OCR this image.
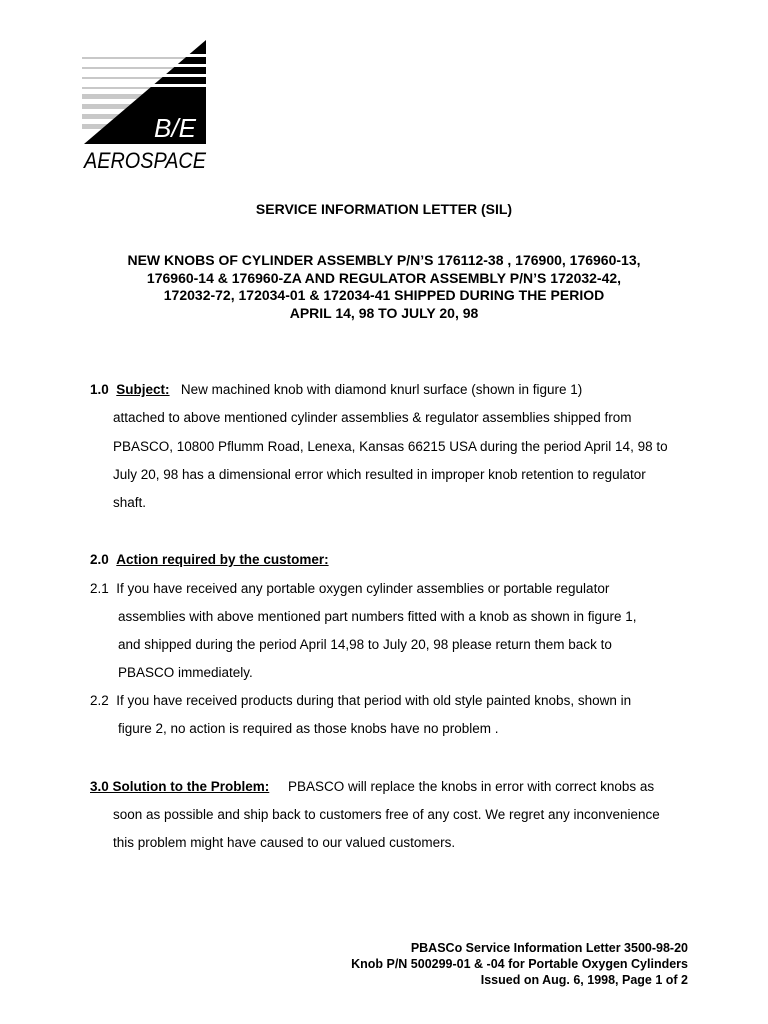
B/E
AEROSPACE
SERVICE INFORMATION LETTER (SIL)
NEW KNOBS OF CYLINDER ASSEMBLY P/N’S 176112-38 , 176900, 176960-13,
176960-14 & 176960-ZA AND REGULATOR ASSEMBLY P/N’S 172032-42,
172032-72, 172034-01 & 172034-41 SHIPPED DURING THE PERIOD
APRIL 14, 98 TO JULY 20, 98
1.0 Subject: New machined knob with diamond knurl surface (shown in figure 1)
attached to above mentioned cylinder assemblies & regulator assemblies shipped from
PBASCO, 10800 Pflumm Road, Lenexa, Kansas 66215 USA during the period April 14, 98 to
July 20, 98 has a dimensional error which resulted in improper knob retention to regulator
shaft.
2.0 Action required by the customer:
2.1 If you have received any portable oxygen cylinder assemblies or portable regulator
assemblies with above mentioned part numbers fitted with a knob as shown in figure 1,
and shipped during the period April 14,98 to July 20, 98 please return them back to
PBASCO immediately.
2.2 If you have received products during that period with old style painted knobs, shown in
figure 2, no action is required as those knobs have no problem .
3.0 Solution to the Problem: PBASCO will replace the knobs in error with correct knobs as
soon as possible and ship back to customers free of any cost. We regret any inconvenience
this problem might have caused to our valued customers.
PBASCo Service Information Letter 3500-98-20
Knob P/N 500299-01 & -04 for Portable Oxygen Cylinders
Issued on Aug. 6, 1998, Page 1 of 2
